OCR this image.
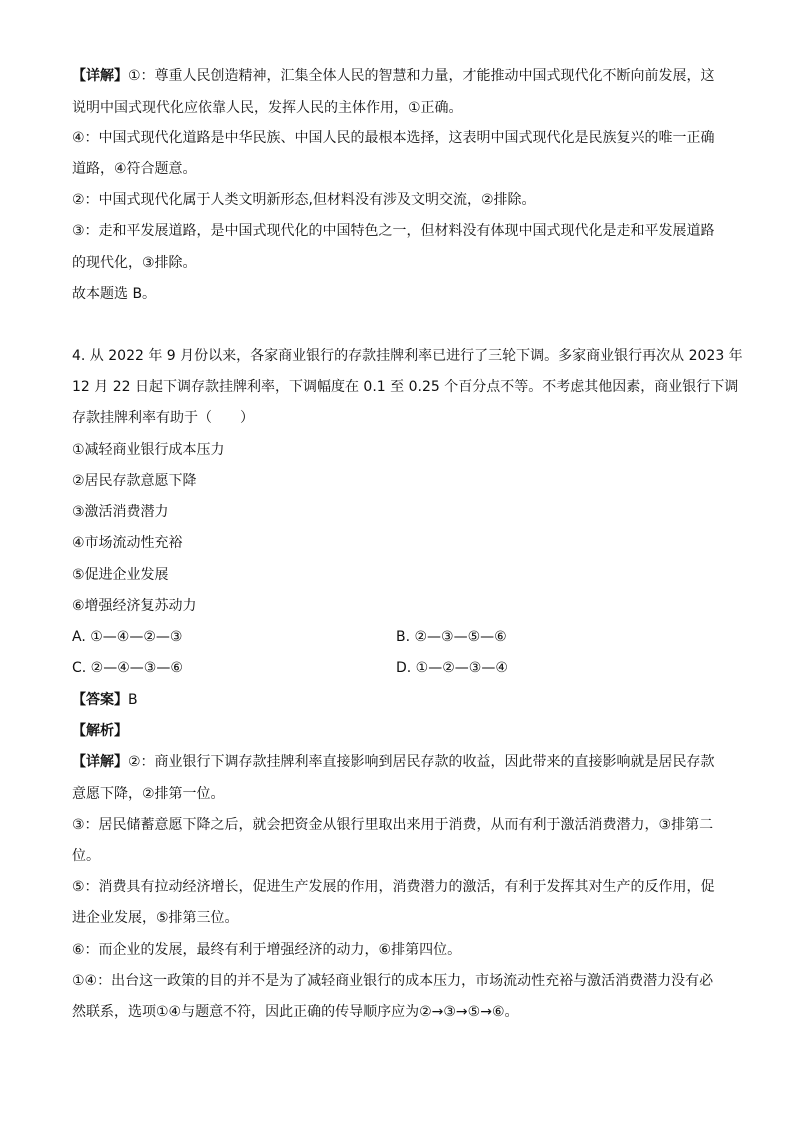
【详解】①：尊重人民创造精神，汇集全体人民的智慧和力量，才能推动中国式现代化不断向前发展，这
说明中国式现代化应依靠人民，发挥人民的主体作用，①正确。
④：中国式现代化道路是中华民族、中国人民的最根本选择，这表明中国式现代化是民族复兴的唯一正确
道路，④符合题意。
②：中国式现代化属于人类文明新形态,但材料没有涉及文明交流，②排除。
③：走和平发展道路，是中国式现代化的中国特色之一，但材料没有体现中国式现代化是走和平发展道路
的现代化，③排除。
故本题选 B。
4. 从 2022 年 9 月份以来，各家商业银行的存款挂牌利率已进行了三轮下调。多家商业银行再次从 2023 年
12 月 22 日起下调存款挂牌利率，下调幅度在 0.1 至 0.25 个百分点不等。不考虑其他因素，商业银行下调
存款挂牌利率有助于（　　）
①减轻商业银行成本压力
②居民存款意愿下降
③激活消费潜力
④市场流动性充裕
⑤促进企业发展
⑥增强经济复苏动力
A. ①—④—②—③	B. ②—③—⑤—⑥
C. ②—④—③—⑥	D. ①—②—③—④
【答案】B
【解析】
【详解】②：商业银行下调存款挂牌利率直接影响到居民存款的收益，因此带来的直接影响就是居民存款
意愿下降，②排第一位。
③：居民储蓄意愿下降之后，就会把资金从银行里取出来用于消费，从而有利于激活消费潜力，③排第二
位。
⑤：消费具有拉动经济增长，促进生产发展的作用，消费潜力的激活，有利于发挥其对生产的反作用，促
进企业发展，⑤排第三位。
⑥：而企业的发展，最终有利于增强经济的动力，⑥排第四位。
①④：出台这一政策的目的并不是为了减轻商业银行的成本压力，市场流动性充裕与激活消费潜力没有必
然联系，选项①④与题意不符，因此正确的传导顺序应为②→③→⑤→⑥。
